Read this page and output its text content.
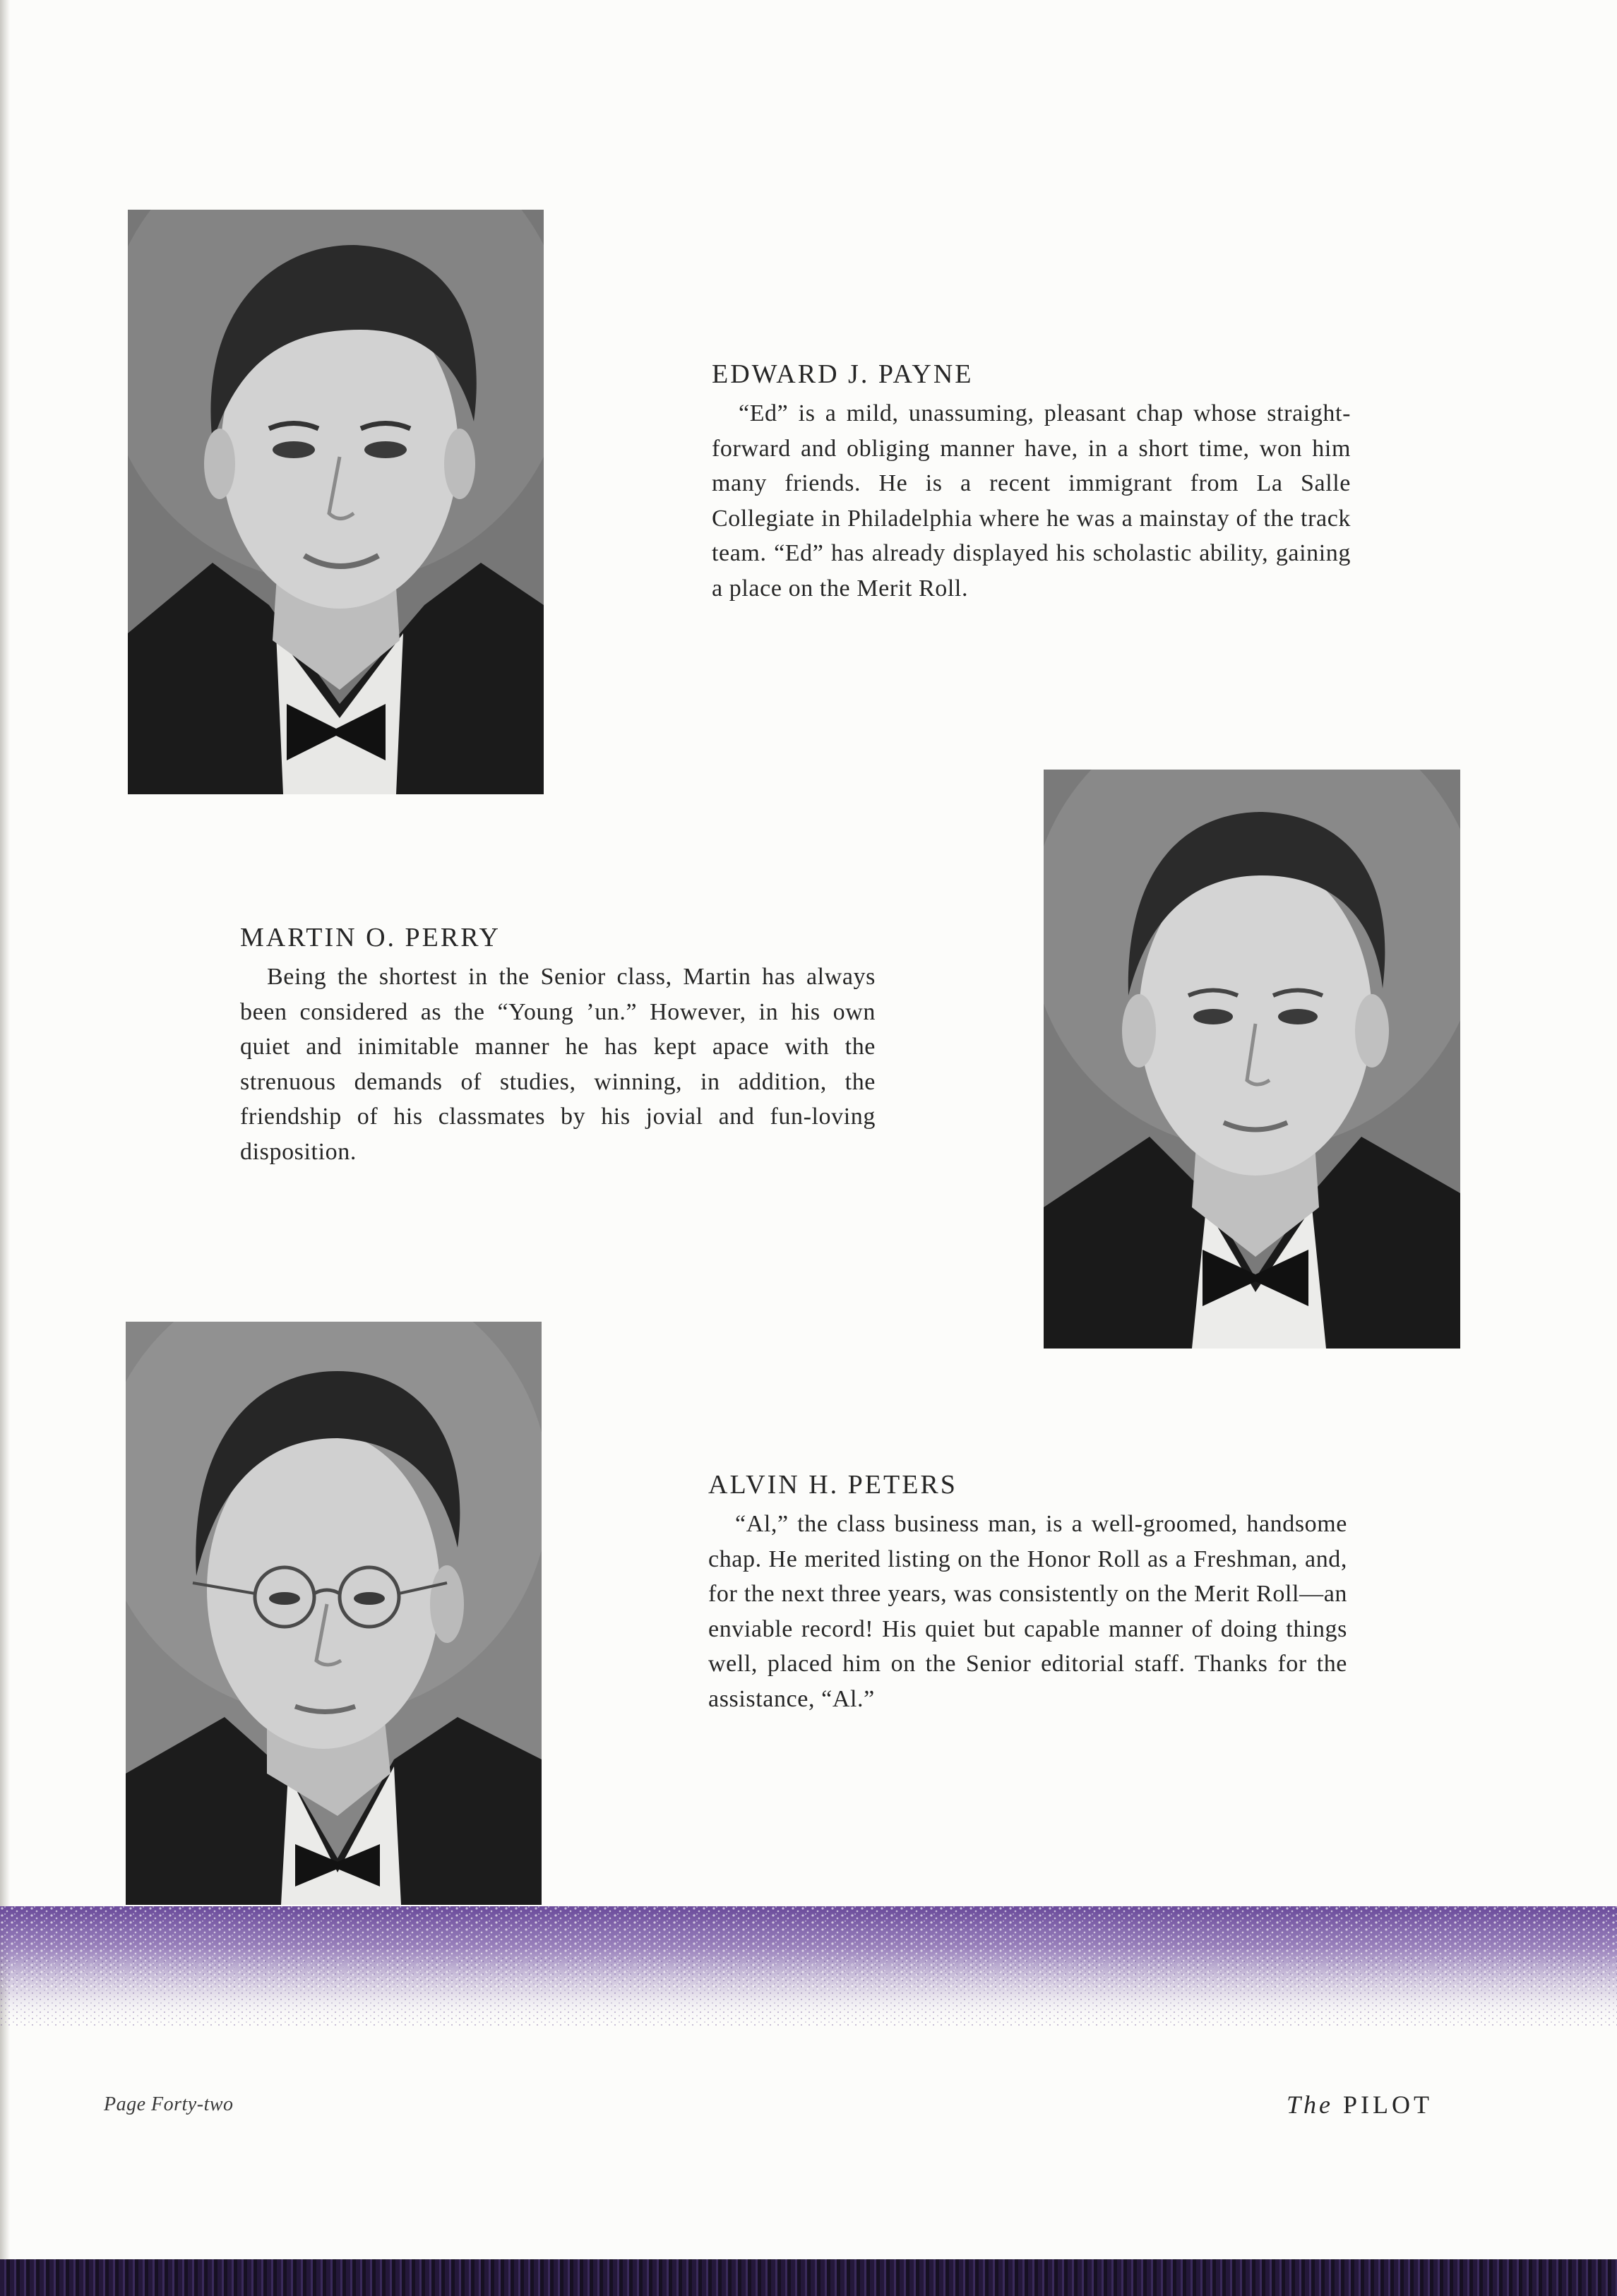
EDWARD J. PAYNE

“Ed” is a mild, unassuming, pleasant chap whose straight-forward and obliging manner have, in a short time, won him many friends. He is a recent immigrant from La Salle Collegiate in Philadelphia where he was a mainstay of the track team. “Ed” has already displayed his scholastic ability, gaining a place on the Merit Roll.

MARTIN O. PERRY

Being the shortest in the Senior class, Martin has always been considered as the “Young ’un.” However, in his own quiet and inimitable manner he has kept apace with the strenuous demands of studies, winning, in addition, the friendship of his classmates by his jovial and fun-loving disposition.

ALVIN H. PETERS

“Al,” the class business man, is a well-groomed, handsome chap. He merited listing on the Honor Roll as a Freshman, and, for the next three years, was consistently on the Merit Roll—an enviable record! His quiet but capable manner of doing things well, placed him on the Senior editorial staff. Thanks for the assistance, “Al.”

Page Forty-two	The PILOT
